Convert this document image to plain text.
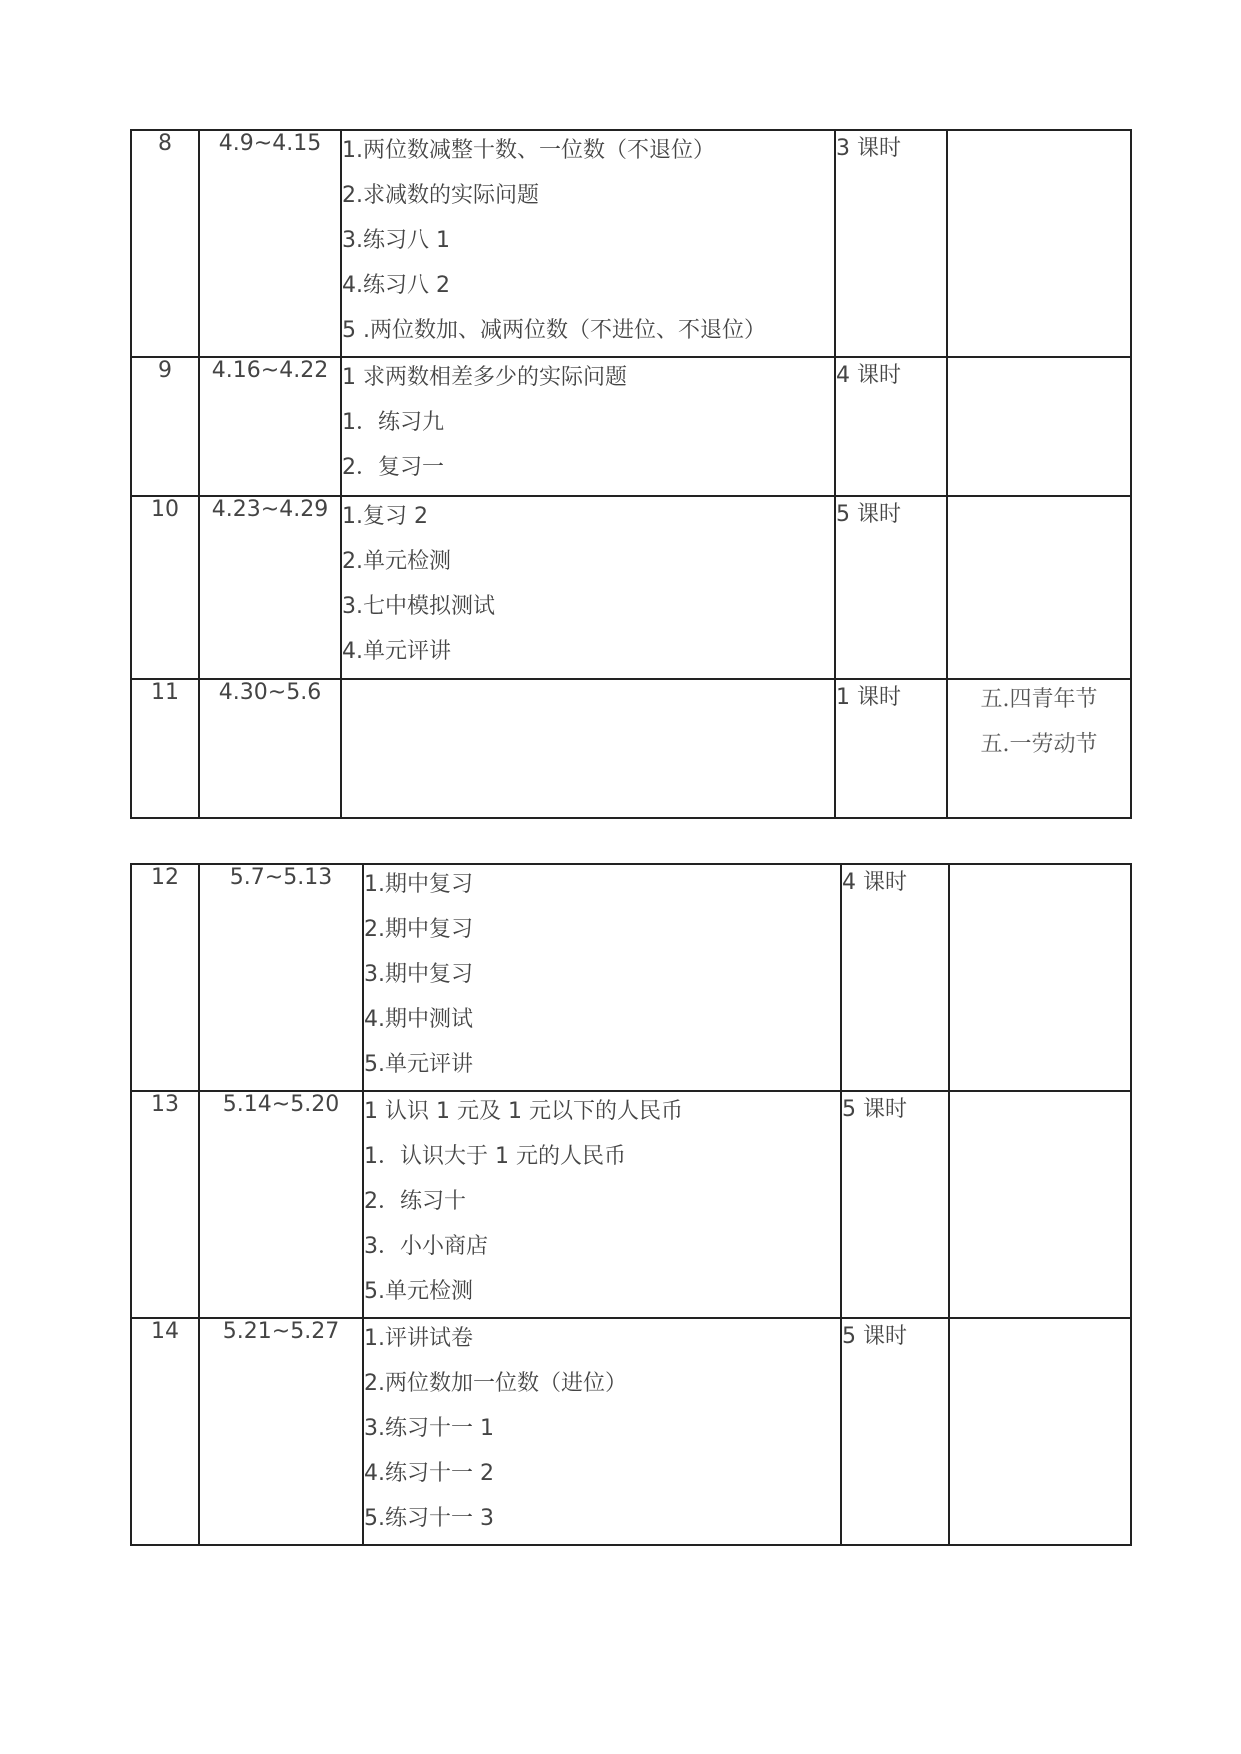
8	4.9~4.15	1.两位数减整十数、一位数（不退位）
2.求减数的实际问题
3.练习八 1
4.练习八 2
5 .两位数加、减两位数（不进位、不退位）	3 课时	
9	4.16~4.22	1 求两数相差多少的实际问题
1．练习九
2．复习一	4 课时	
10	4.23~4.29	1.复习 2
2.单元检测
3.七中模拟测试
4.单元评讲	5 课时	
11	4.30~5.6		1 课时	五.四青年节
五.一劳动节
12	5.7~5.13	1.期中复习
2.期中复习
3.期中复习
4.期中测试
5.单元评讲	4 课时	
13	5.14~5.20	1 认识 1 元及 1 元以下的人民币
1．认识大于 1 元的人民币
2．练习十
3．小小商店
5.单元检测	5 课时	
14	5.21~5.27	1.评讲试卷
2.两位数加一位数（进位）
3.练习十一 1
4.练习十一 2
5.练习十一 3	5 课时	
